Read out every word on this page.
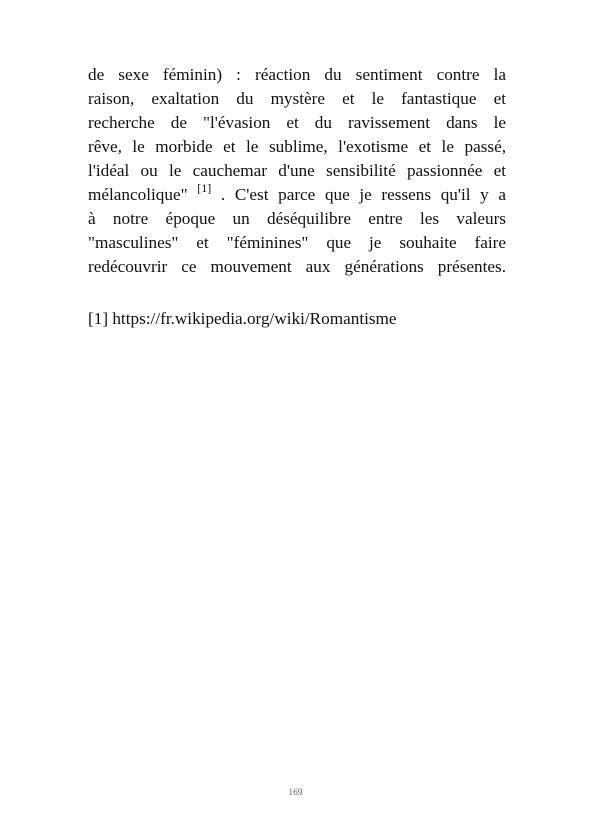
de sexe féminin) : réaction du sentiment contre la
raison, exaltation du mystère et le fantastique et
recherche de "l'évasion et du ravissement dans le
rêve, le morbide et le sublime, l'exotisme et le passé,
l'idéal ou le cauchemar d'une sensibilité passionnée et
mélancolique" [1] . C'est parce que je ressens qu'il y a
à notre époque un déséquilibre entre les valeurs
"masculines" et "féminines" que je souhaite faire
redécouvrir ce mouvement aux générations présentes.

[1] https://fr.wikipedia.org/wiki/Romantisme

169
